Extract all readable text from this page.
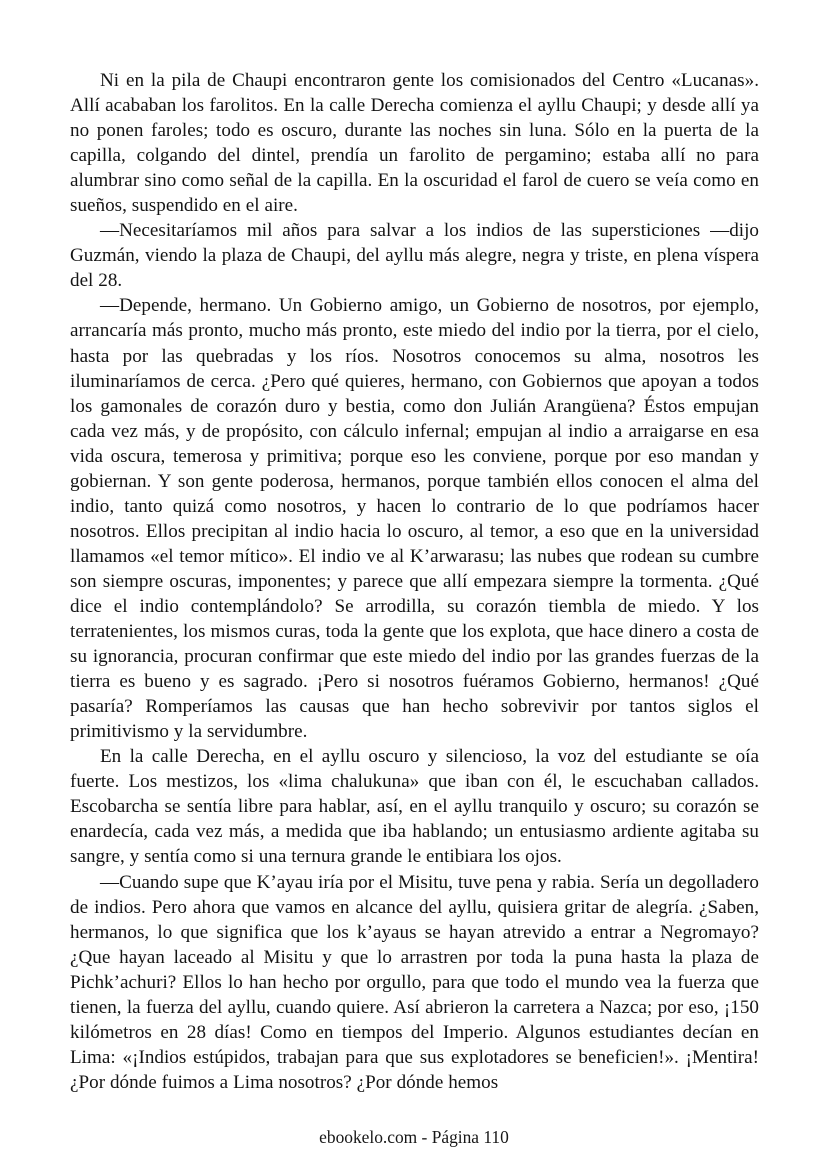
Ni en la pila de Chaupi encontraron gente los comisionados del Centro «Lucanas». Allí acababan los farolitos. En la calle Derecha comienza el ayllu Chaupi; y desde allí ya no ponen faroles; todo es oscuro, durante las noches sin luna. Sólo en la puerta de la capilla, colgando del dintel, prendía un farolito de pergamino; estaba allí no para alumbrar sino como señal de la capilla. En la oscuridad el farol de cuero se veía como en sueños, suspendido en el aire.

—Necesitaríamos mil años para salvar a los indios de las supersticiones —dijo Guzmán, viendo la plaza de Chaupi, del ayllu más alegre, negra y triste, en plena víspera del 28.

—Depende, hermano. Un Gobierno amigo, un Gobierno de nosotros, por ejemplo, arrancaría más pronto, mucho más pronto, este miedo del indio por la tierra, por el cielo, hasta por las quebradas y los ríos. Nosotros conocemos su alma, nosotros les iluminaríamos de cerca. ¿Pero qué quieres, hermano, con Gobiernos que apoyan a todos los gamonales de corazón duro y bestia, como don Julián Arangüena? Éstos empujan cada vez más, y de propósito, con cálculo infernal; empujan al indio a arraigarse en esa vida oscura, temerosa y primitiva; porque eso les conviene, porque por eso mandan y gobiernan. Y son gente poderosa, hermanos, porque también ellos conocen el alma del indio, tanto quizá como nosotros, y hacen lo contrario de lo que podríamos hacer nosotros. Ellos precipitan al indio hacia lo oscuro, al temor, a eso que en la universidad llamamos «el temor mítico». El indio ve al K’arwarasu; las nubes que rodean su cumbre son siempre oscuras, imponentes; y parece que allí empezara siempre la tormenta. ¿Qué dice el indio contemplándolo? Se arrodilla, su corazón tiembla de miedo. Y los terratenientes, los mismos curas, toda la gente que los explota, que hace dinero a costa de su ignorancia, procuran confirmar que este miedo del indio por las grandes fuerzas de la tierra es bueno y es sagrado. ¡Pero si nosotros fuéramos Gobierno, hermanos! ¿Qué pasaría? Romperíamos las causas que han hecho sobrevivir por tantos siglos el primitivismo y la servidumbre.

En la calle Derecha, en el ayllu oscuro y silencioso, la voz del estudiante se oía fuerte. Los mestizos, los «lima chalukuna» que iban con él, le escuchaban callados. Escobarcha se sentía libre para hablar, así, en el ayllu tranquilo y oscuro; su corazón se enardecía, cada vez más, a medida que iba hablando; un entusiasmo ardiente agitaba su sangre, y sentía como si una ternura grande le entibiara los ojos.

—Cuando supe que K’ayau iría por el Misitu, tuve pena y rabia. Sería un degolladero de indios. Pero ahora que vamos en alcance del ayllu, quisiera gritar de alegría. ¿Saben, hermanos, lo que significa que los k’ayaus se hayan atrevido a entrar a Negromayo? ¿Que hayan laceado al Misitu y que lo arrastren por toda la puna hasta la plaza de Pichk’achuri? Ellos lo han hecho por orgullo, para que todo el mundo vea la fuerza que tienen, la fuerza del ayllu, cuando quiere. Así abrieron la carretera a Nazca; por eso, ¡150 kilómetros en 28 días! Como en tiempos del Imperio. Algunos estudiantes decían en Lima: «¡Indios estúpidos, trabajan para que sus explotadores se beneficien!». ¡Mentira! ¿Por dónde fuimos a Lima nosotros? ¿Por dónde hemos

ebookelo.com - Página 110
